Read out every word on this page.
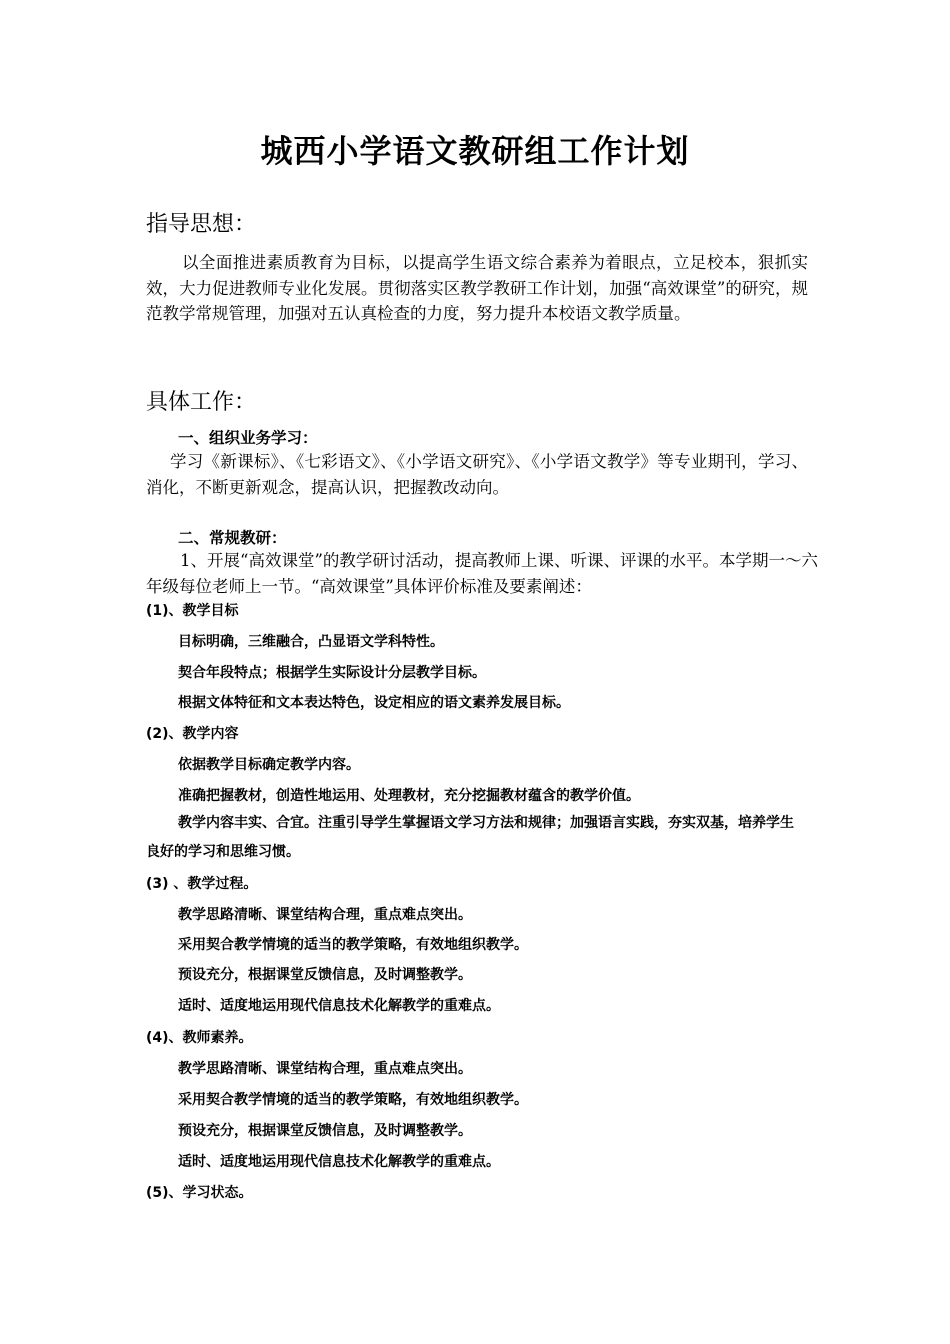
城西小学语文教研组工作计划
指导思想：
以全面推进素质教育为目标，以提高学生语文综合素养为着眼点，立足校本，狠抓实效，大力促进教师专业化发展。贯彻落实区教学教研工作计划，加强“高效课堂”的研究，规范教学常规管理，加强对五认真检查的力度，努力提升本校语文教学质量。
具体工作：
一、组织业务学习：
学习《新课标》、《七彩语文》、《小学语文研究》、《小学语文教学》等专业期刊，学习、消化，不断更新观念，提高认识，把握教改动向。
二、常规教研：
1、开展“高效课堂”的教学研讨活动，提高教师上课、听课、评课的水平。本学期一～六年级每位老师上一节。“高效课堂”具体评价标准及要素阐述：
(1)、教学目标
目标明确，三维融合，凸显语文学科特性。
契合年段特点；根据学生实际设计分层教学目标。
根据文体特征和文本表达特色，设定相应的语文素养发展目标。
(2)、教学内容
依据教学目标确定教学内容。
准确把握教材，创造性地运用、处理教材，充分挖掘教材蕴含的教学价值。
教学内容丰实、合宜。注重引导学生掌握语文学习方法和规律；加强语言实践，夯实双基，培养学生良好的学习和思维习惯。
(3) 、教学过程。
教学思路清晰、课堂结构合理，重点难点突出。
采用契合教学情境的适当的教学策略，有效地组织教学。
预设充分，根据课堂反馈信息，及时调整教学。
适时、适度地运用现代信息技术化解教学的重难点。
(4)、教师素养。
教学思路清晰、课堂结构合理，重点难点突出。
采用契合教学情境的适当的教学策略，有效地组织教学。
预设充分，根据课堂反馈信息，及时调整教学。
适时、适度地运用现代信息技术化解教学的重难点。
(5)、学习状态。
